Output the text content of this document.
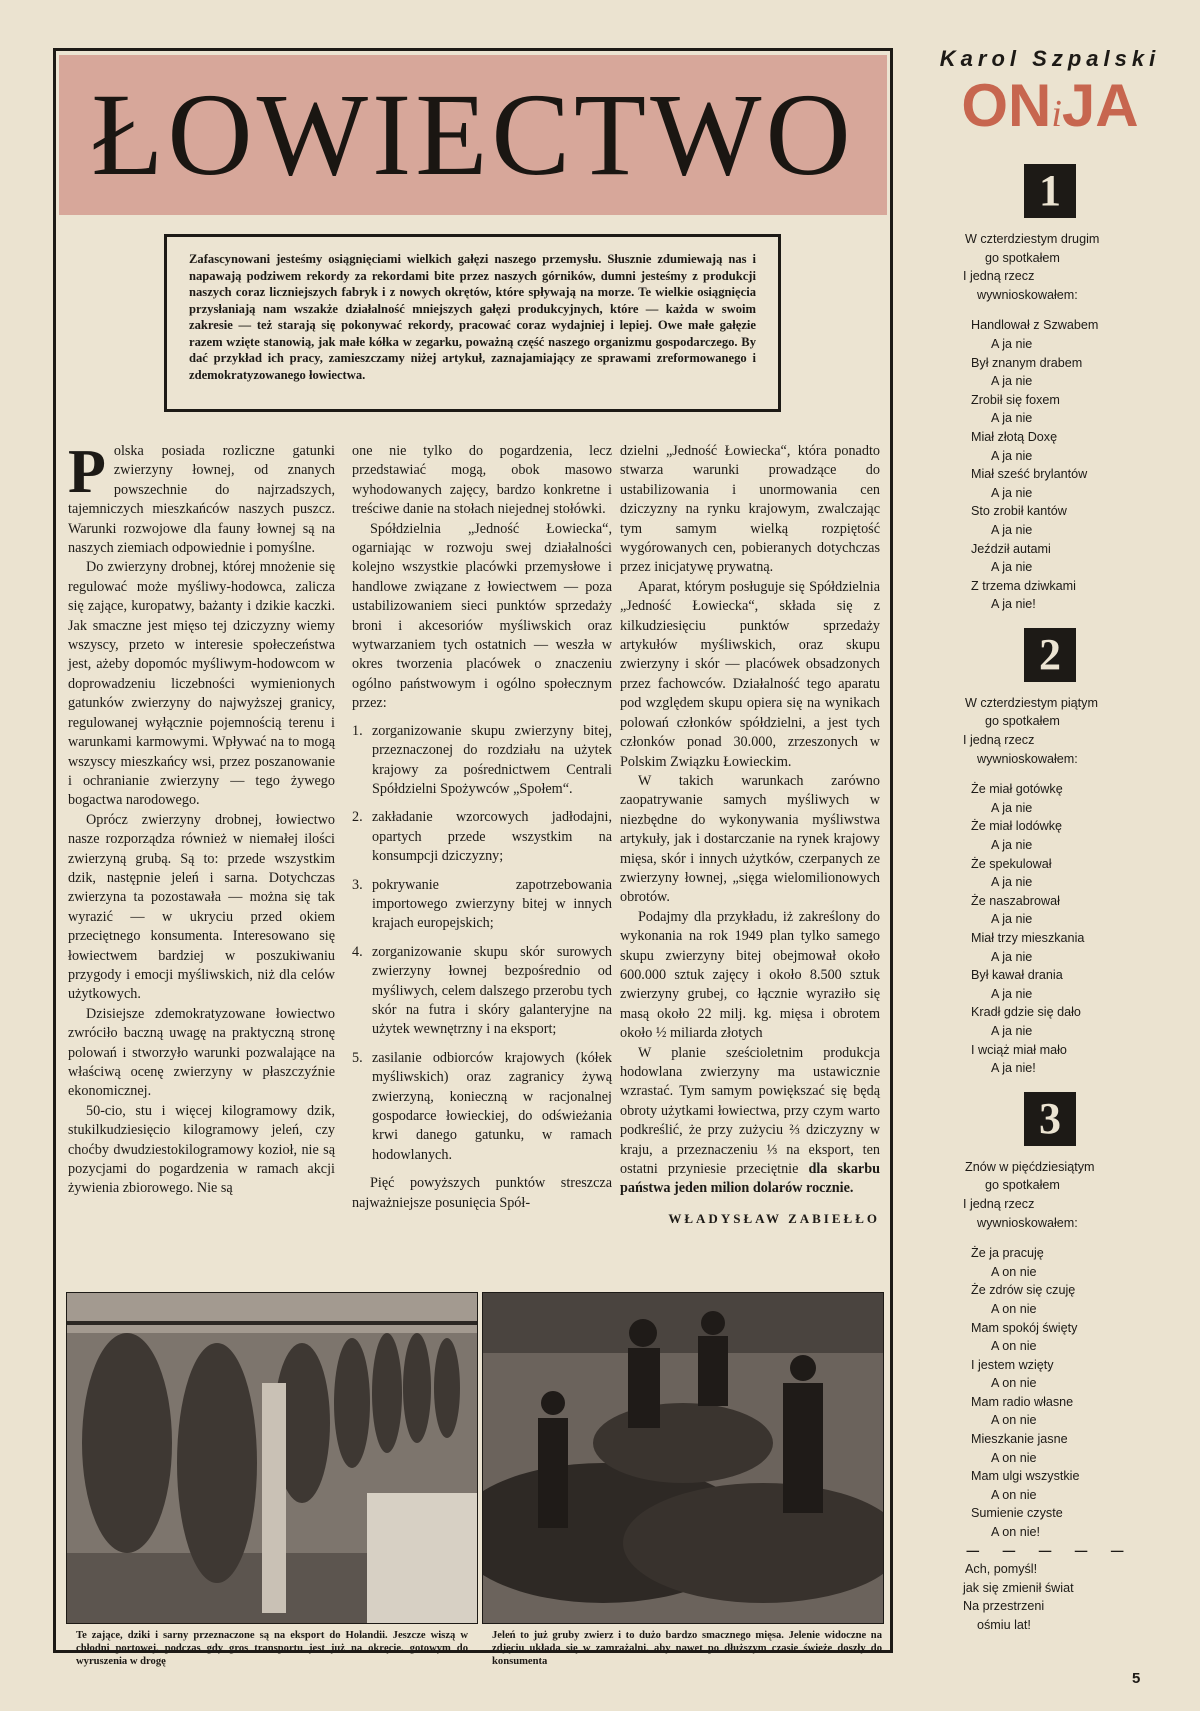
ŁOWIECTWO
Zafascynowani jesteśmy osiągnięciami wielkich gałęzi naszego przemysłu. Słusznie zdumiewają nas i napawają podziwem rekordy za rekordami bite przez naszych górników, dumni jesteśmy z produkcji naszych coraz liczniejszych fabryk i z nowych okrętów, które spływają na morze. Te wielkie osiągnięcia przysłaniają nam wszakże działalność mniejszych gałęzi produkcyjnych, które — każda w swoim zakresie — też starają się pokonywać rekordy, pracować coraz wydajniej i lepiej. Owe małe gałęzie razem wzięte stanowią, jak małe kółka w zegarku, poważną część naszego organizmu gospodarczego. By dać przykład ich pracy, zamieszczamy niżej artykuł, zaznajamiający ze sprawami zreformowanego i zdemokratyzowanego łowiectwa.

Polska posiada rozliczne gatunki zwierzyny łownej, od znanych powszechnie do najrzadszych, tajemniczych mieszkańców naszych puszcz. Warunki rozwojowe dla fauny łownej są na naszych ziemiach odpowiednie i pomyślne.

Do zwierzyny drobnej, której mnożenie się regulować może myśliwy-hodowca, zalicza się zające, kuropatwy, bażanty i dzikie kaczki. Jak smaczne jest mięso tej dziczyzny wiemy wszyscy, przeto w interesie społeczeństwa jest, ażeby dopomóc myśliwym-hodowcom w doprowadzeniu liczebności wymienionych gatunków zwierzyny do najwyższej granicy, regulowanej wyłącznie pojemnością terenu i warunkami karmowymi. Wpływać na to mogą wszyscy mieszkańcy wsi, przez poszanowanie i ochranianie zwierzyny — tego żywego bogactwa narodowego.

Oprócz zwierzyny drobnej, łowiectwo nasze rozporządza również w niemałej ilości zwierzyną grubą. Są to: przede wszystkim dzik, następnie jeleń i sarna. Dotychczas zwierzyna ta pozostawała — można się tak wyrazić — w ukryciu przed okiem przeciętnego konsumenta. Interesowano się łowiectwem bardziej w poszukiwaniu przygody i emocji myśliwskich, niż dla celów użytkowych.

Dzisiejsze zdemokratyzowane łowiectwo zwróciło baczną uwagę na praktyczną stronę polowań i stworzyło warunki pozwalające na właściwą ocenę zwierzyny w płaszczyźnie ekonomicznej.

50-cio, stu i więcej kilogramowy dzik, stukilkudziesięcio kilogramowy jeleń, czy choćby dwudziestokilogramowy kozioł, nie są pozycjami do pogardzenia w ramach akcji żywienia zbiorowego. Nie są

one nie tylko do pogardzenia, lecz przedstawiać mogą, obok masowo wyhodowanych zajęcy, bardzo konkretne i treściwe danie na stołach niejednej stołówki.

Spółdzielnia „Jedność Łowiecka“, ogarniając w rozwoju swej działalności kolejno wszystkie placówki przemysłowe i handlowe związane z łowiectwem — poza ustabilizowaniem sieci punktów sprzedaży broni i akcesoriów myśliwskich oraz wytwarzaniem tych ostatnich — weszła w okres tworzenia placówek o znaczeniu ogólno państwowym i ogólno społecznym przez:

1. zorganizowanie skupu zwierzyny bitej, przeznaczonej do rozdziału na użytek krajowy za pośrednictwem Centrali Spółdzielni Spożywców „Społem“.
2. zakładanie wzorcowych jadłodajni, opartych przede wszystkim na konsumpcji dziczyzny;
3. pokrywanie zapotrzebowania importowego zwierzyny bitej w innych krajach europejskich;
4. zorganizowanie skupu skór surowych zwierzyny łownej bezpośrednio od myśliwych, celem dalszego przerobu tych skór na futra i skóry galanteryjne na użytek wewnętrzny i na eksport;
5. zasilanie odbiorców krajowych (kółek myśliwskich) oraz zagranicy żywą zwierzyną, konieczną w racjonalnej gospodarce łowieckiej, do odświeżania krwi danego gatunku, w ramach hodowlanych.

Pięć powyższych punktów streszcza najważniejsze posunięcia Spół-

dzielni „Jedność Łowiecka“, która ponadto stwarza warunki prowadzące do ustabilizowania i unormowania cen dziczyzny na rynku krajowym, zwalczając tym samym wielką rozpiętość wygórowanych cen, pobieranych dotychczas przez inicjatywę prywatną.

Aparat, którym posługuje się Spółdzielnia „Jedność Łowiecka“, składa się z kilkudziesięciu punktów sprzedaży artykułów myśliwskich, oraz skupu zwierzyny i skór — placówek obsadzonych przez fachowców. Działalność tego aparatu pod względem skupu opiera się na wynikach polowań członków spółdzielni, a jest tych członków ponad 30.000, zrzeszonych w Polskim Związku Łowieckim.

W takich warunkach zarówno zaopatrywanie samych myśliwych w niezbędne do wykonywania myśliwstwa artykuły, jak i dostarczanie na rynek krajowy mięsa, skór i innych użytków, czerpanych ze zwierzyny łownej, „sięga wielomilionowych obrotów.

Podajmy dla przykładu, iż zakreślony do wykonania na rok 1949 plan tylko samego skupu zwierzyny bitej obejmował około 600.000 sztuk zajęcy i około 8.500 sztuk zwierzyny grubej, co łącznie wyraziło się masą około 22 milj. kg. mięsa i obrotem około ½ miliarda złotych

W planie sześcioletnim produkcja hodowlana zwierzyny ma ustawicznie wzrastać. Tym samym powiększać się będą obroty użytkami łowiectwa, przy czym warto podkreślić, że przy zużyciu ⅔ dziczyzny w kraju, a przeznaczeniu ⅓ na eksport, ten ostatni przyniesie przeciętnie dla skarbu państwa jeden milion dolarów rocznie.

WŁADYSŁAW ZABIEŁŁO
Te zające, dziki i sarny przeznaczone są na eksport do Holandii. Jeszcze wiszą w chłodni portowej, podczas gdy gros transportu jest już na okręcie, gotowym do wyruszenia w drogę
Jeleń to już gruby zwierz i to dużo bardzo smacznego mięsa. Jelenie widoczne na zdjęciu układa się w zamrażalni, aby nawet po dłuższym czasie świeże doszły do konsumenta
Karol Szpalski
ONiJA
1
W czterdziestym drugim
go spotkałem
I jedną rzecz
wywnioskowałem:
Handlował z Szwabem
A ja nie
Był znanym drabem
A ja nie
Zrobił się foxem
A ja nie
Miał złotą Doxę
A ja nie
Miał sześć brylantów
A ja nie
Sto zrobił kantów
A ja nie
Jeździł autami
A ja nie
Z trzema dziwkami
A ja nie!
2
W czterdziestym piątym
go spotkałem
I jedną rzecz
wywnioskowałem:
Że miał gotówkę
A ja nie
Że miał lodówkę
A ja nie
Że spekulował
A ja nie
Że naszabrował
A ja nie
Miał trzy mieszkania
A ja nie
Był kawał drania
A ja nie
Kradł gdzie się dało
A ja nie
I wciąż miał mało
A ja nie!
3
Znów w pięćdziesiątym
go spotkałem
I jedną rzecz
wywnioskowałem:
Że ja pracuję
A on nie
Że zdrów się czuję
A on nie
Mam spokój święty
A on nie
I jestem wzięty
A on nie
Mam radio własne
A on nie
Mieszkanie jasne
A on nie
Mam ulgi wszystkie
A on nie
Sumienie czyste
A on nie!
— — — — —
Ach, pomyśl!
jak się zmienił świat
Na przestrzeni
ośmiu lat!
5
